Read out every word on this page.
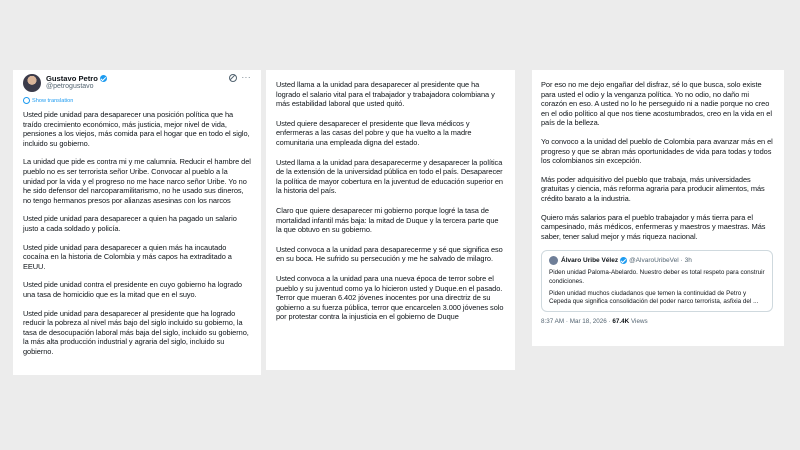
Gustavo Petro
@petrogustavo
···
Show translation

Usted pide unidad para desaparecer una posición política que ha traído crecimiento económico, más justicia, mejor nivel de vida, pensiones a los viejos, más comida para el hogar que en todo el siglo, incluido su gobierno.

La unidad que pide es contra mi y me calumnia. Reducir el hambre del pueblo no es ser terrorista señor Uribe. Convocar al pueblo a la unidad por la vida y el progreso no me hace narco señor Uribe. Yo no he sido defensor del narcoparamilitarismo, no he usado sus dineros, no tengo hermanos presos por alianzas asesinas con los narcos

Usted pide unidad para desaparecer a quien ha pagado un salario justo a cada soldado y policía.

Usted pide unidad para desaparecer a quien más ha incautado cocaína en la historia de Colombia y más capos ha extraditado a EEUU.

Usted pide unidad contra el presidente en cuyo gobierno ha logrado una tasa de homicidio que es la mitad que en el suyo.

Usted pide unidad para desaparecer al presidente que ha logrado reducir la pobreza al nivel más bajo del siglo incluido su gobierno, la tasa de desocupación laboral más baja del siglo, incluido su gobierno, la más alta producción industrial y agraria del siglo, incluido su gobierno.

Usted llama a la unidad para desaparecer al presidente que ha logrado el salario vital para el trabajador y trabajadora colombiana y más estabilidad laboral que usted quitó.

Usted quiere desaparecer el presidente que lleva médicos y enfermeras a las casas del pobre y que ha vuelto a la madre comunitaria una empleada digna del estado.

Usted llama a la unidad para desaparecerme y desaparecer la política de la extensión de la universidad pública en todo el país. Desaparecer la política de mayor cobertura en la juventud de educación superior en la historia del país.

Claro que quiere desaparecer mi gobierno porque logré la tasa de mortalidad infantil más baja: la mitad de Duque y la tercera parte que la que obtuvo en su gobierno.

Usted convoca a la unidad para desaparecerme y sé que significa eso en su boca. He sufrido su persecución y me he salvado de milagro.

Usted convoca a la unidad para una nueva época de terror sobre el pueblo y su juventud como ya lo hicieron usted y Duque.en el pasado. Terror que mueran 6.402 jóvenes inocentes por una directriz de su gobierno a su fuerza pública, terror que encarcelen 3.000 jóvenes solo por protestar contra la injusticia en el gobierno de Duque

Por eso no me dejo engañar del disfraz, sé lo que busca, solo existe para usted el odio y la venganza política. Yo no odio, no daño mi corazón en eso. A usted no lo he perseguido ni a nadie porque no creo en el odio político al que nos tiene acostumbrados, creo en la vida en el país de la belleza.

Yo convoco a la unidad del pueblo de Colombia para avanzar más en el progreso y que se abran más oportunidades de vida para todas y todos los colombianos sin excepción.

Más poder adquisitivo del pueblo que trabaja, más universidades gratuitas y ciencia, más reforma agraria para producir alimentos, más crédito barato a la industria.

Quiero más salarios para el pueblo trabajador y más tierra para el campesinado, más médicos, enfermeras y maestros y maestras. Más saber, tener salud mejor y más riqueza nacional.

Álvaro Uribe Vélez @AlvaroUribeVel · 3h
Piden unidad Paloma-Abelardo. Nuestro deber es total respeto para construir condiciones.
Piden unidad muchos ciudadanos que temen la continuidad de Petro y Cepeda que significa consolidación del poder narco terrorista, asfixia del ...
8:37 AM · Mar 18, 2026 · 67.4K Views
